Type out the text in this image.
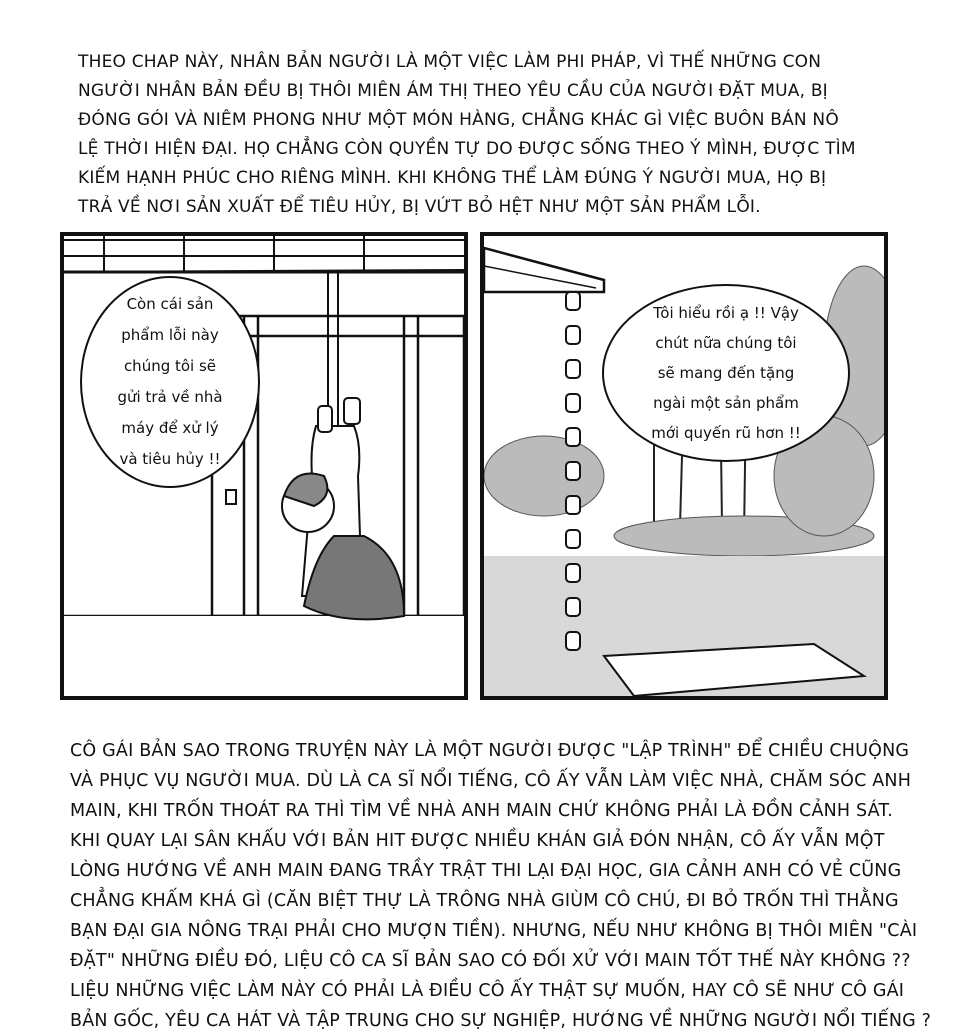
THEO CHAP NÀY, NHÂN BẢN NGƯỜI LÀ MỘT VIỆC LÀM PHI PHÁP, VÌ THẾ NHỮNG CON
NGƯỜI NHÂN BẢN ĐỀU BỊ THÔI MIÊN ÁM THỊ THEO YÊU CẦU CỦA NGƯỜI ĐẶT MUA, BỊ
ĐÓNG GÓI VÀ NIÊM PHONG NHƯ MỘT MÓN HÀNG, CHẲNG KHÁC GÌ VIỆC BUÔN BÁN NÔ
LỆ THỜI HIỆN ĐẠI. HỌ CHẲNG CÒN QUYỀN TỰ DO ĐƯỢC SỐNG THEO Ý MÌNH, ĐƯỢC TÌM
KIẾM HẠNH PHÚC CHO RIÊNG MÌNH. KHI KHÔNG THỂ LÀM ĐÚNG Ý NGƯỜI MUA, HỌ BỊ
TRẢ VỀ NƠI SẢN XUẤT ĐỂ TIÊU HỦY, BỊ VỨT BỎ HỆT NHƯ MỘT SẢN PHẨM LỖI.
Còn cái sản
phẩm lỗi này
chúng tôi sẽ
gửi trả về nhà
máy để xử lý
và tiêu hủy !!
Tôi hiểu rồi ạ !! Vậy
chút nữa chúng tôi
sẽ mang đến tặng
ngài một sản phẩm
mới quyến rũ hơn !!
CÔ GÁI BẢN SAO TRONG TRUYỆN NÀY LÀ MỘT NGƯỜI ĐƯỢC "LẬP TRÌNH" ĐỂ CHIỀU CHUỘNG
VÀ PHỤC VỤ NGƯỜI MUA. DÙ LÀ CA SĨ NỔI TIẾNG, CÔ ẤY VẪN LÀM VIỆC NHÀ, CHĂM SÓC ANH
MAIN, KHI TRỐN THOÁT RA THÌ TÌM VỀ NHÀ ANH MAIN CHỨ KHÔNG PHẢI LÀ ĐỒN CẢNH SÁT.
KHI QUAY LẠI SÂN KHẤU VỚI BẢN HIT ĐƯỢC NHIỀU KHÁN GIẢ ĐÓN NHẬN, CÔ ẤY VẪN MỘT
LÒNG HƯỚNG VỀ ANH MAIN ĐANG TRẦY TRẬT THI LẠI ĐẠI HỌC, GIA CẢNH ANH CÓ VẺ CŨNG
CHẲNG KHẤM KHÁ GÌ (CĂN BIỆT THỰ LÀ TRÔNG NHÀ GIÙM CÔ CHÚ, ĐI BỎ TRỐN THÌ THẰNG
BẠN ĐẠI GIA NÔNG TRẠI PHẢI CHO MƯỢN TIỀN). NHƯNG, NẾU NHƯ KHÔNG BỊ THÔI MIÊN "CÀI
ĐẶT" NHỮNG ĐIỀU ĐÓ, LIỆU CÔ CA SĨ BẢN SAO CÓ ĐỐI XỬ VỚI MAIN TỐT THẾ NÀY KHÔNG ??
LIỆU NHỮNG VIỆC LÀM NÀY CÓ PHẢI LÀ ĐIỀU CÔ ẤY THẬT SỰ MUỐN, HAY CÔ SẼ NHƯ CÔ GÁI
BẢN GỐC, YÊU CA HÁT VÀ TẬP TRUNG CHO SỰ NGHIỆP, HƯỚNG VỀ NHỮNG NGƯỜI NỔI TIẾNG ?
